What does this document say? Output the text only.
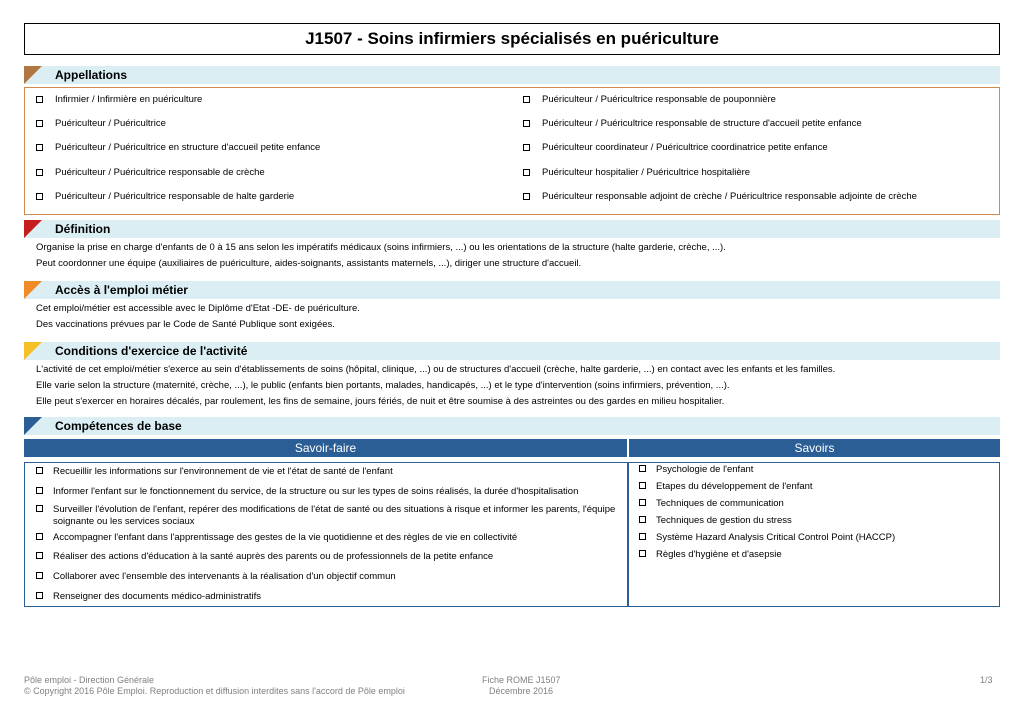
J1507 - Soins infirmiers spécialisés en puériculture
Appellations
Infirmier / Infirmière en puériculture
Puériculteur / Puéricultrice
Puériculteur / Puéricultrice en structure d'accueil petite enfance
Puériculteur / Puéricultrice responsable de crèche
Puériculteur / Puéricultrice responsable de halte garderie
Puériculteur / Puéricultrice responsable de pouponnière
Puériculteur / Puéricultrice responsable de structure d'accueil petite enfance
Puériculteur coordinateur / Puéricultrice coordinatrice petite enfance
Puériculteur hospitalier / Puéricultrice hospitalière
Puériculteur responsable adjoint de crèche / Puéricultrice responsable adjointe de crèche
Définition
Organise la prise en charge d'enfants de 0 à 15 ans selon les impératifs médicaux (soins infirmiers, ...) ou les orientations de la structure (halte garderie, crèche, ...).
Peut coordonner une équipe (auxiliaires de puériculture, aides-soignants, assistants maternels, ...), diriger une structure d'accueil.
Accès à l'emploi métier
Cet emploi/métier est accessible avec le Diplôme d'Etat -DE- de puériculture.
Des vaccinations prévues par le Code de Santé Publique sont exigées.
Conditions d'exercice de l'activité
L'activité de cet emploi/métier s'exerce au sein d'établissements de soins (hôpital, clinique, ...) ou de structures d'accueil (crèche, halte garderie, ...) en contact avec les enfants et les familles.
Elle varie selon la structure (maternité, crèche, ...), le public (enfants bien portants, malades, handicapés, ...) et le type d'intervention (soins infirmiers, prévention, ...).
Elle peut s'exercer en horaires décalés, par roulement, les fins de semaine, jours fériés, de nuit et être soumise à des astreintes ou des gardes en milieu hospitalier.
Compétences de base
Savoir-faire	Savoirs
Recueillir les informations sur l'environnement de vie et l'état de santé de l'enfant
Informer l'enfant sur le fonctionnement du service, de la structure ou sur les types de soins réalisés, la durée d'hospitalisation
Surveiller l'évolution de l'enfant, repérer des modifications de l'état de santé ou des situations à risque et informer les parents, l'équipe soignante ou les services sociaux
Accompagner l'enfant dans l'apprentissage des gestes de la vie quotidienne et des règles de vie en collectivité
Réaliser des actions d'éducation à la santé auprès des parents ou de professionnels de la petite enfance
Collaborer avec l'ensemble des intervenants à la réalisation d'un objectif commun
Renseigner des documents médico-administratifs
Psychologie de l'enfant
Etapes du développement de l'enfant
Techniques de communication
Techniques de gestion du stress
Système Hazard Analysis Critical Control Point (HACCP)
Règles d'hygiène et d'asepsie
Pôle emploi - Direction Générale
© Copyright 2016 Pôle Emploi. Reproduction et diffusion interdites sans l'accord de Pôle emploi
Fiche ROME J1507
Décembre 2016
1/3
